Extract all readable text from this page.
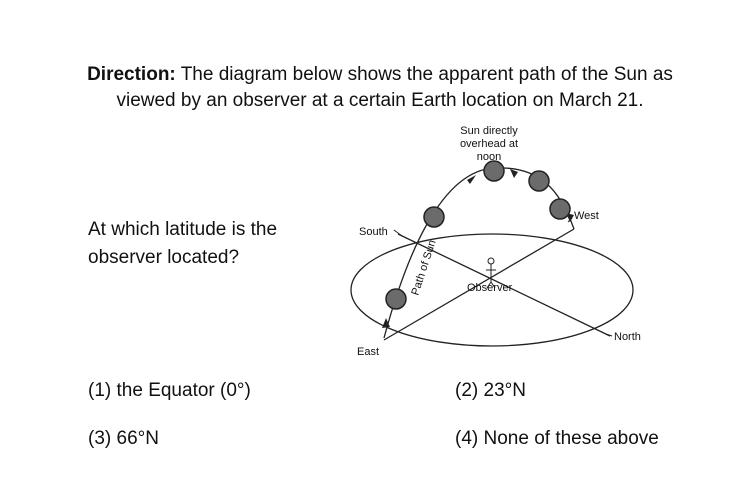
Direction: The diagram below shows the apparent path of the Sun as viewed by an observer at a certain Earth location on March 21.
At which latitude is the observer located?
Sun directly
overhead at
noon
South
West
East
North
Observer
Path of Sun
(1) the Equator (0°)	(2) 23°N
(3) 66°N	(4) None of these above
